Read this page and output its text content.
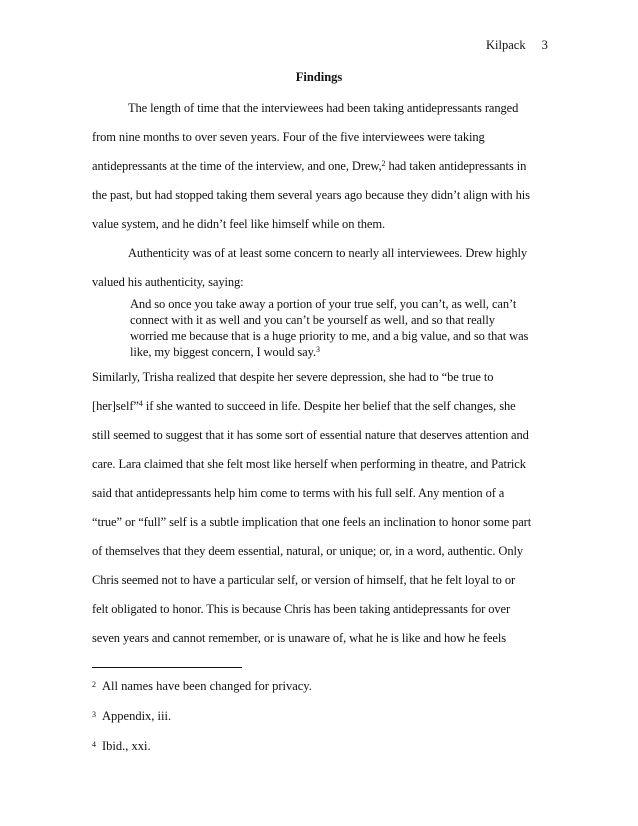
Kilpack 3
Findings
The length of time that the interviewees had been taking antidepressants ranged
from nine months to over seven years. Four of the five interviewees were taking
antidepressants at the time of the interview, and one, Drew,$^2$ had taken antidepressants in
the past, but had stopped taking them several years ago because they didn’t align with his
value system, and he didn’t feel like himself while on them.
Authenticity was of at least some concern to nearly all interviewees. Drew highly
valued his authenticity, saying:
And so once you take away a portion of your true self, you can’t, as well, can’t
connect with it as well and you can’t be yourself as well, and so that really
worried me because that is a huge priority to me, and a big value, and so that was
like, my biggest concern, I would say.$^3$
Similarly, Trisha realized that despite her severe depression, she had to “be true to
[her]self”$^4$ if she wanted to succeed in life. Despite her belief that the self changes, she
still seemed to suggest that it has some sort of essential nature that deserves attention and
care. Lara claimed that she felt most like herself when performing in theatre, and Patrick
said that antidepressants help him come to terms with his full self. Any mention of a
“true” or “full” self is a subtle implication that one feels an inclination to honor some part
of themselves that they deem essential, natural, or unique; or, in a word, authentic. Only
Chris seemed not to have a particular self, or version of himself, that he felt loyal to or
felt obligated to honor. This is because Chris has been taking antidepressants for over
seven years and cannot remember, or is unaware of, what he is like and how he feels
$^2$ All names have been changed for privacy.
$^3$ Appendix, iii.
$^4$ Ibid., xxi.
